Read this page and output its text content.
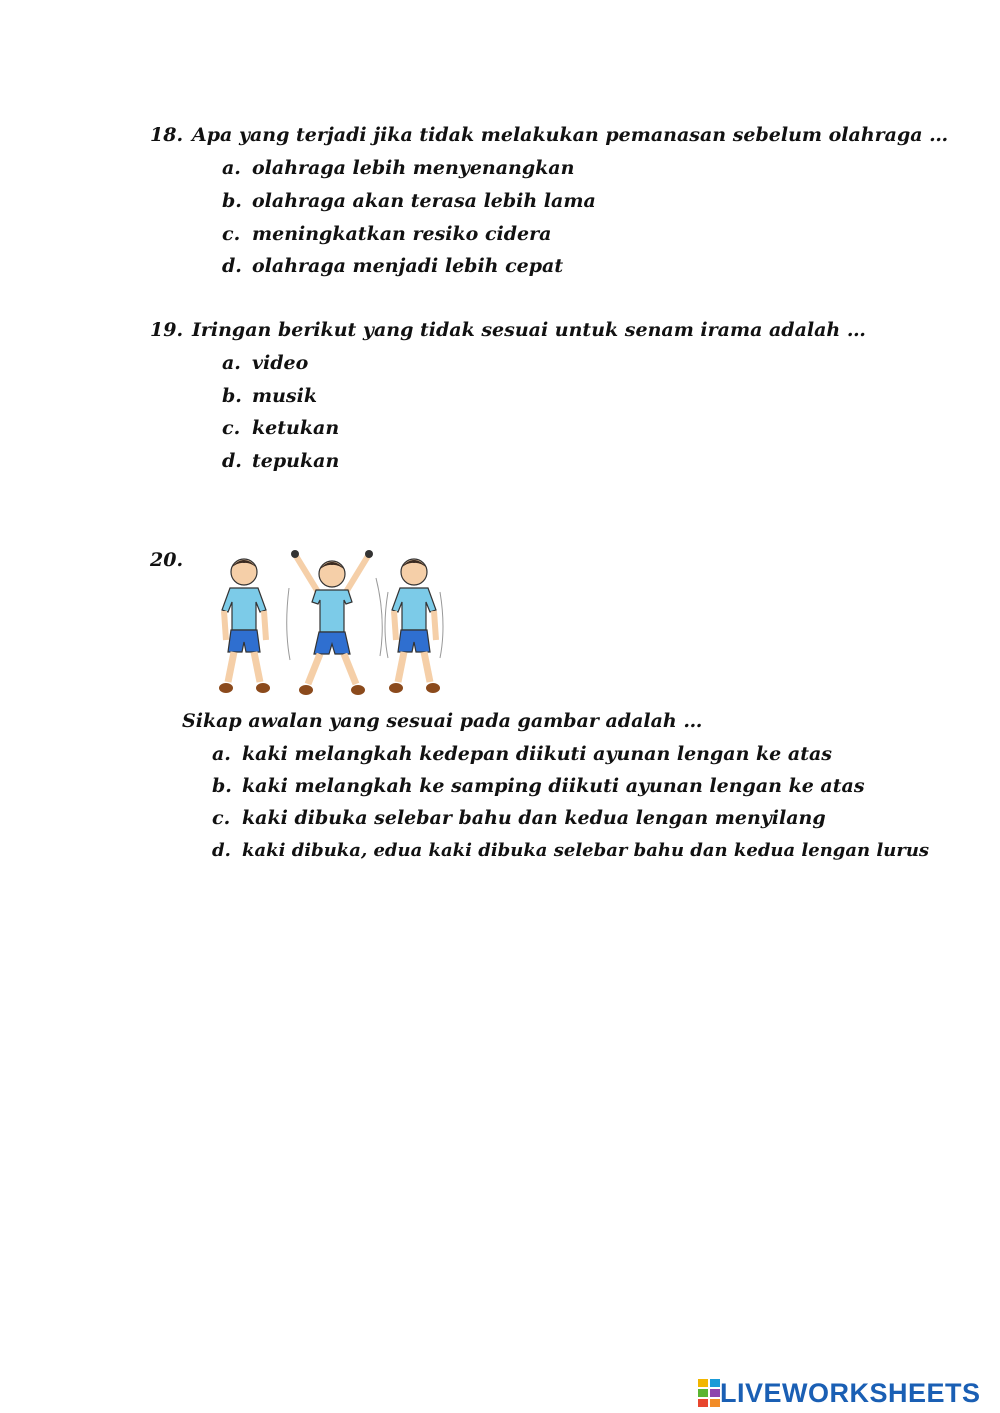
18. Apa yang terjadi jika tidak melakukan pemanasan sebelum olahraga …
a. olahraga lebih menyenangkan
b. olahraga akan terasa lebih lama
c. meningkatkan resiko cidera
d. olahraga menjadi lebih cepat
19. Iringan berikut yang tidak sesuai untuk senam irama adalah …
a. video
b. musik
c. ketukan
d. tepukan
20.
Sikap awalan yang sesuai pada gambar adalah …
a. kaki melangkah kedepan diikuti ayunan lengan ke atas
b. kaki melangkah ke samping diikuti ayunan lengan ke atas
c. kaki dibuka selebar bahu dan kedua lengan menyilang
d. kaki dibuka, edua kaki dibuka selebar bahu dan kedua lengan lurus
LIVEWORKSHEETS
